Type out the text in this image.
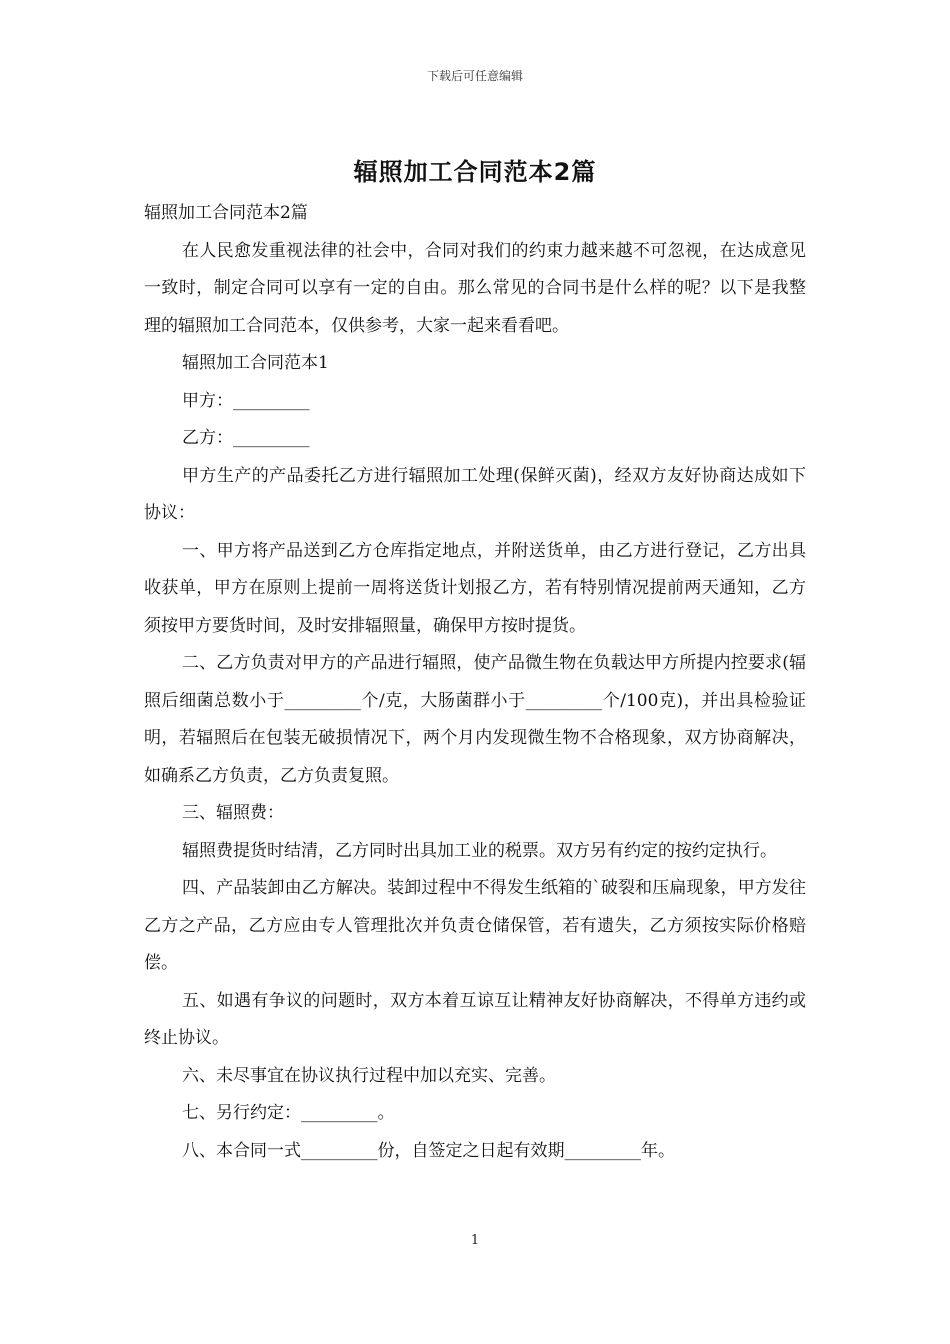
下载后可任意编辑
辐照加工合同范本2篇

辐照加工合同范本2篇

在人民愈发重视法律的社会中，合同对我们的约束力越来越不可忽视，在达成意见一致时，制定合同可以享有一定的自由。那么常见的合同书是什么样的呢？以下是我整理的辐照加工合同范本，仅供参考，大家一起来看看吧。

辐照加工合同范本1

甲方：_________

乙方：_________

甲方生产的产品委托乙方进行辐照加工处理(保鲜灭菌)，经双方友好协商达成如下协议：

一、甲方将产品送到乙方仓库指定地点，并附送货单，由乙方进行登记，乙方出具收获单，甲方在原则上提前一周将送货计划报乙方，若有特别情况提前两天通知，乙方须按甲方要货时间，及时安排辐照量，确保甲方按时提货。

二、乙方负责对甲方的产品进行辐照，使产品微生物在负载达甲方所提内控要求(辐照后细菌总数小于_________个/克，大肠菌群小于_________个/100克)，并出具检验证明，若辐照后在包装无破损情况下，两个月内发现微生物不合格现象，双方协商解决，如确系乙方负责，乙方负责复照。

三、辐照费：

辐照费提货时结清，乙方同时出具加工业的税票。双方另有约定的按约定执行。

四、产品装卸由乙方解决。装卸过程中不得发生纸箱的`破裂和压扁现象，甲方发往乙方之产品，乙方应由专人管理批次并负责仓储保管，若有遗失，乙方须按实际价格赔偿。

五、如遇有争议的问题时，双方本着互谅互让精神友好协商解决，不得单方违约或终止协议。

六、未尽事宜在协议执行过程中加以充实、完善。

七、另行约定：_________。

八、本合同一式_________份，自签定之日起有效期_________年。

1
